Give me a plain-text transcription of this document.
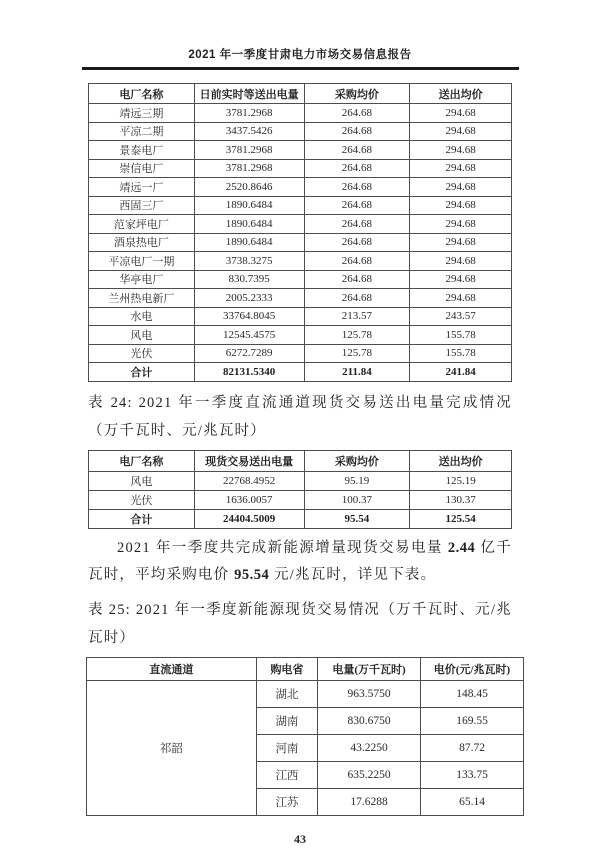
2021 年一季度甘肃电力市场交易信息报告
电厂名称	日前实时等送出电量	采购均价	送出均价
靖远三期	3781.2968	264.68	294.68
平凉二期	3437.5426	264.68	294.68
景泰电厂	3781.2968	264.68	294.68
崇信电厂	3781.2968	264.68	294.68
靖远一厂	2520.8646	264.68	294.68
西固三厂	1890.6484	264.68	294.68
范家坪电厂	1890.6484	264.68	294.68
酒泉热电厂	1890.6484	264.68	294.68
平凉电厂一期	3738.3275	264.68	294.68
华亭电厂	830.7395	264.68	294.68
兰州热电新厂	2005.2333	264.68	294.68
水电	33764.8045	213.57	243.57
风电	12545.4575	125.78	155.78
光伏	6272.7289	125.78	155.78
合计	82131.5340	211.84	241.84

表 24: 2021 年一季度直流通道现货交易送出电量完成情况（万千瓦时、元/兆瓦时）

电厂名称	现货交易送出电量	采购均价	送出均价
风电	22768.4952	95.19	125.19
光伏	1636.0057	100.37	130.37
合计	24404.5009	95.54	125.54

2021 年一季度共完成新能源增量现货交易电量 2.44 亿千瓦时，平均采购电价 95.54 元/兆瓦时，详见下表。

表 25: 2021 年一季度新能源现货交易情况（万千瓦时、元/兆瓦时）

直流通道	购电省	电量(万千瓦时)	电价(元/兆瓦时)
祁韶	湖北	963.5750	148.45
	湖南	830.6750	169.55
	河南	43.2250	87.72
	江西	635.2250	133.75
	江苏	17.6288	65.14
43
